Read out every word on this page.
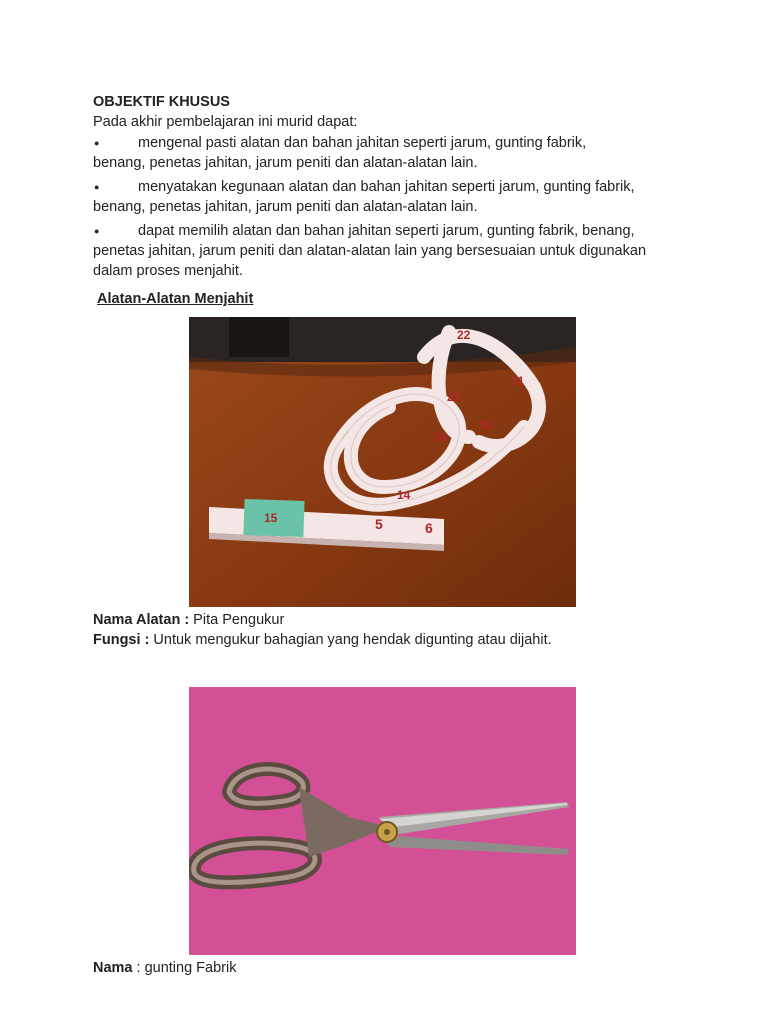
OBJEKTIF KHUSUS
Pada akhir pembelajaran ini murid dapat:
●	mengenal pasti alatan dan bahan jahitan seperti jarum, gunting fabrik,
benang, penetas jahitan, jarum peniti dan alatan-alatan lain.
●	menyatakan kegunaan alatan dan bahan jahitan seperti jarum, gunting fabrik,
benang, penetas jahitan, jarum peniti dan alatan-alatan lain.
●	dapat memilih alatan dan bahan jahitan seperti jarum, gunting fabrik, benang,
penetas jahitan, jarum peniti dan alatan-alatan lain yang bersesuaian untuk digunakan dalam proses menjahit.
Alatan-Alatan Menjahit
15	5	6
22
23
24
30
31
14
Nama Alatan : Pita Pengukur
Fungsi : Untuk mengukur bahagian yang hendak digunting atau dijahit.
Nama : gunting Fabrik
